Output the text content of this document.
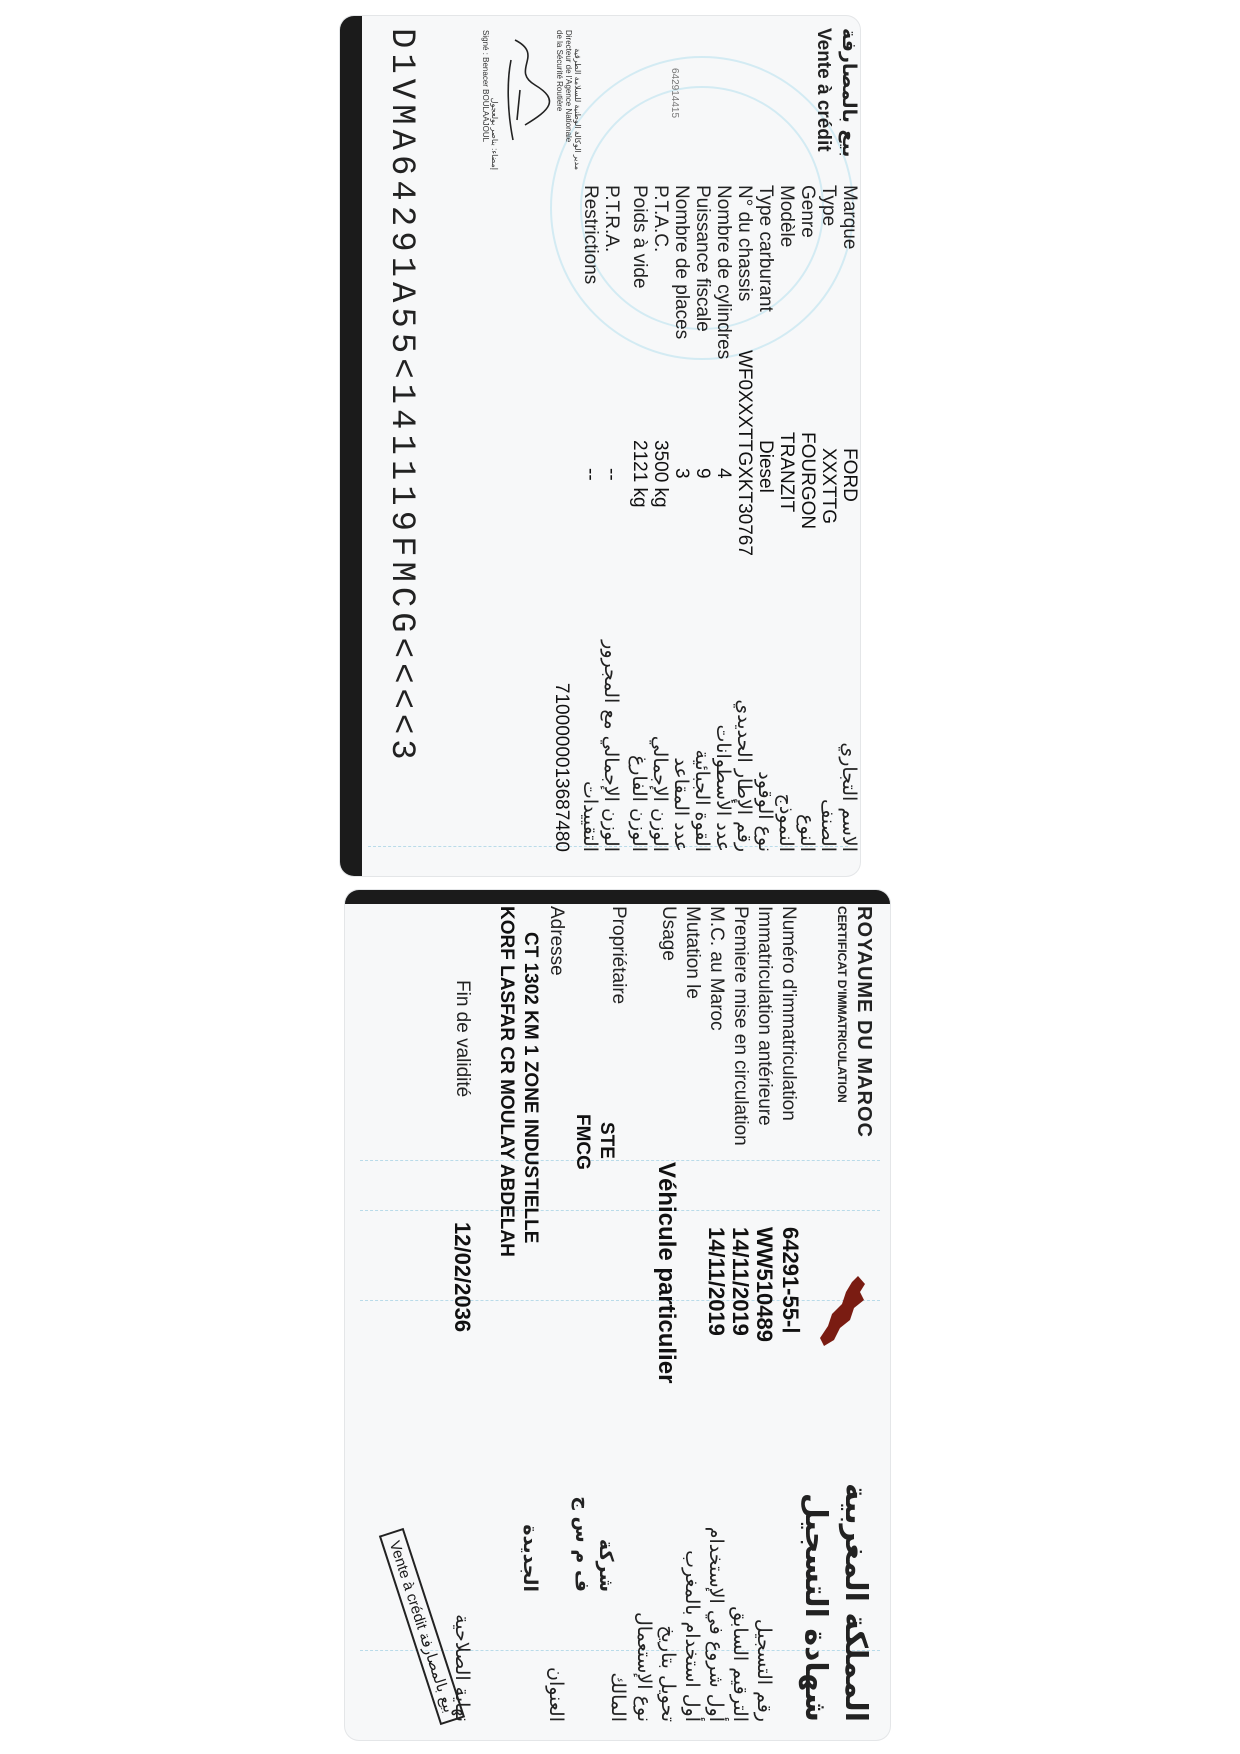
بيع بالمصارفة
Vente à crédit
642914415
Marque
Type
Genre
Modèle
Type carburant
N° du chassis
Nombre de cylindres
Puissance fiscale
Nombre de places
P.T.A.C.
Poids à vide
P.T.R.A.
Restrictions
FORD
XXXTTG
FOURGON
TRANZIT
Diesel
WF0XXXTTGXKT30767
4
9
3
3500 kg
2121 kg
--
--
الاسم التجاري
الصنف
النوع
النموذج
نوع الوقود
رقم الإطار الحديدي
عدد الأسطوانات
القوة الجبائية
عدد المقاعد
الوزن الإجمالي
الوزن الفارغ
الوزن الإجمالي مع المجرور
التقييدات
7100000013687480
مدير الوكالة الوطنية للسلامة الطرقية
Directeur de l'Agence Nationale
de la Sécurité Routière
إمضاء: بناصر بولعجول
Signé : Benacer BOULAAJOUL
D1VMA64291A55<141119FMCG<<<<3
المملكة المغربية
شهادة التسجيل
ROYAUME DU MAROC
CERTIFICAT D'IMMATRICULATION
Numéro d'immatriculation
Immatriculation antérieure
Premiere mise en circulation
M.C. au Maroc
Mutation le
Usage
64291-ا-55
WW510489
14/11/2019
14/11/2019
Véhicule particulier
رقم التسجيل
الترقيم السابق
أول شروع في الإستخدام
أول استخدام بالمغرب
تحويل بتاريخ
نوع الإستعمال
Propriétaire
المالك
STE
FMCG
شركة
ف م س ج
Adresse
العنوان
CT 1302 KM 1 ZONE INDUSTIELLE
KORF LASFAR CR MOULAY ABDELAH
الجديدة
Fin de validité
12/02/2036
نهاية الصلاحية
Vente à crédit بيع بالمصارفة
